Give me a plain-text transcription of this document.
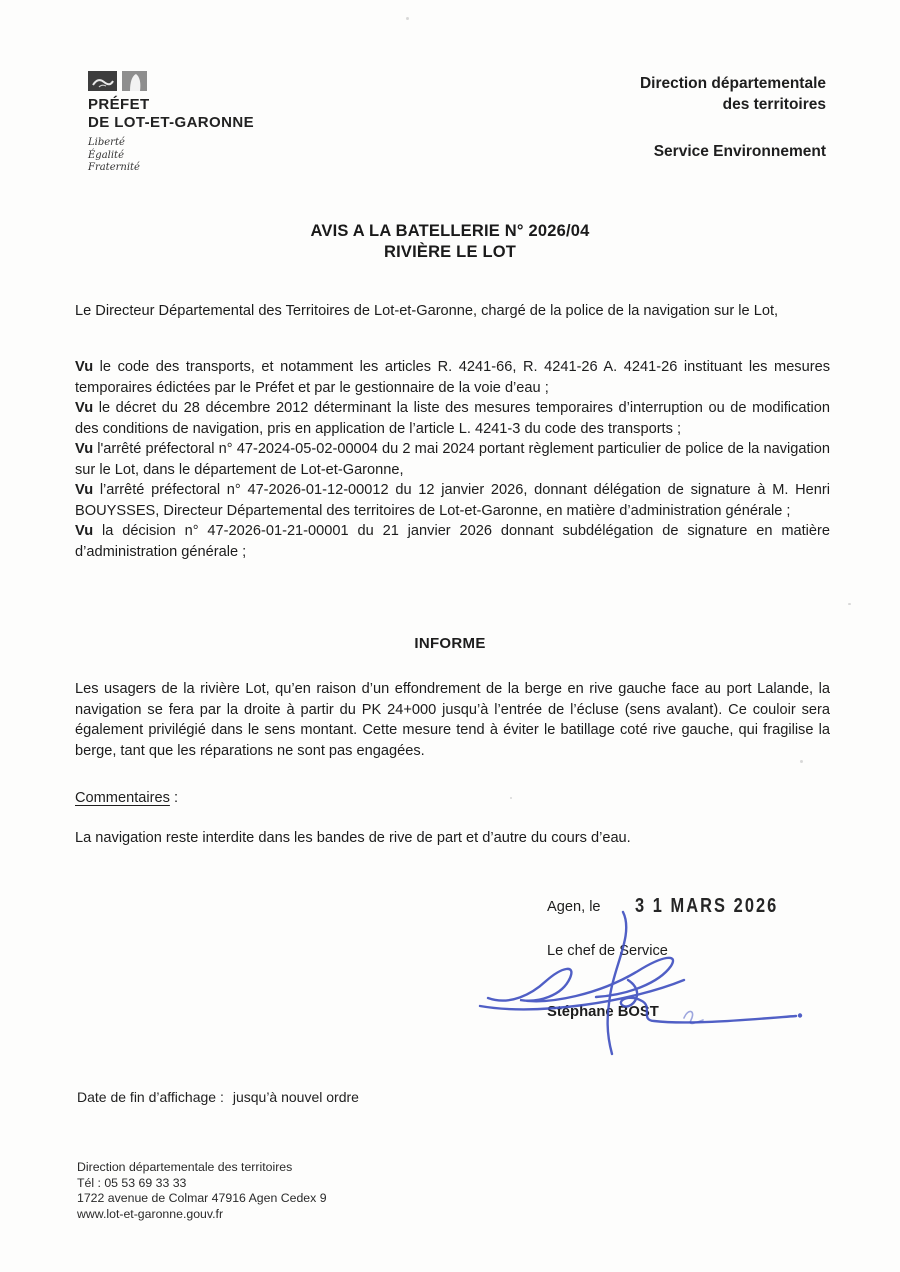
PRÉFET
DE LOT-ET-GARONNE
Liberté
Égalité
Fraternité
Direction départementale
des territoires
Service Environnement
AVIS A LA BATELLERIE N° 2026/04
RIVIÈRE LE LOT

Le Directeur Départemental des Territoires de Lot-et-Garonne, chargé de la police de la navigation sur le Lot,

Vu le code des transports, et notamment les articles R. 4241-66, R. 4241-26 A. 4241-26 instituant les mesures temporaires édictées par le Préfet et par le gestionnaire de la voie d’eau ;

Vu le décret du 28 décembre 2012 déterminant la liste des mesures temporaires d’interruption ou de modification des conditions de navigation, pris en application de l’article L. 4241-3 du code des transports ;

Vu l'arrêté préfectoral n° 47-2024-05-02-00004 du 2 mai 2024 portant règlement particulier de police de la navigation sur le Lot, dans le département de Lot-et-Garonne,

Vu l’arrêté préfectoral n° 47-2026-01-12-00012 du 12 janvier 2026, donnant délégation de signature à M. Henri BOUYSSES, Directeur Départemental des territoires de Lot-et-Garonne, en matière d’administration générale ;

Vu la décision n° 47-2026-01-21-00001 du 21 janvier 2026 donnant subdélégation de signature en matière d’administration générale ;

INFORME

Les usagers de la rivière Lot, qu’en raison d’un effondrement de la berge en rive gauche face au port Lalande, la navigation se fera par la droite à partir du PK 24+000 jusqu’à l’entrée de l’écluse (sens avalant). Ce couloir sera également privilégié dans le sens montant. Cette mesure tend à éviter le batillage coté rive gauche, qui fragilise la berge, tant que les réparations ne sont pas engagées.

Commentaires :

La navigation reste interdite dans les bandes de rive de part et d’autre du cours d’eau.

Agen, le 3 1 MARS 2026
Le chef de Service
Stéphane BOST
Date de fin d’affichage : jusqu’à nouvel ordre
Direction départementale des territoires
Tél : 05 53 69 33 33
1722 avenue de Colmar 47916 Agen Cedex 9
www.lot-et-garonne.gouv.fr
